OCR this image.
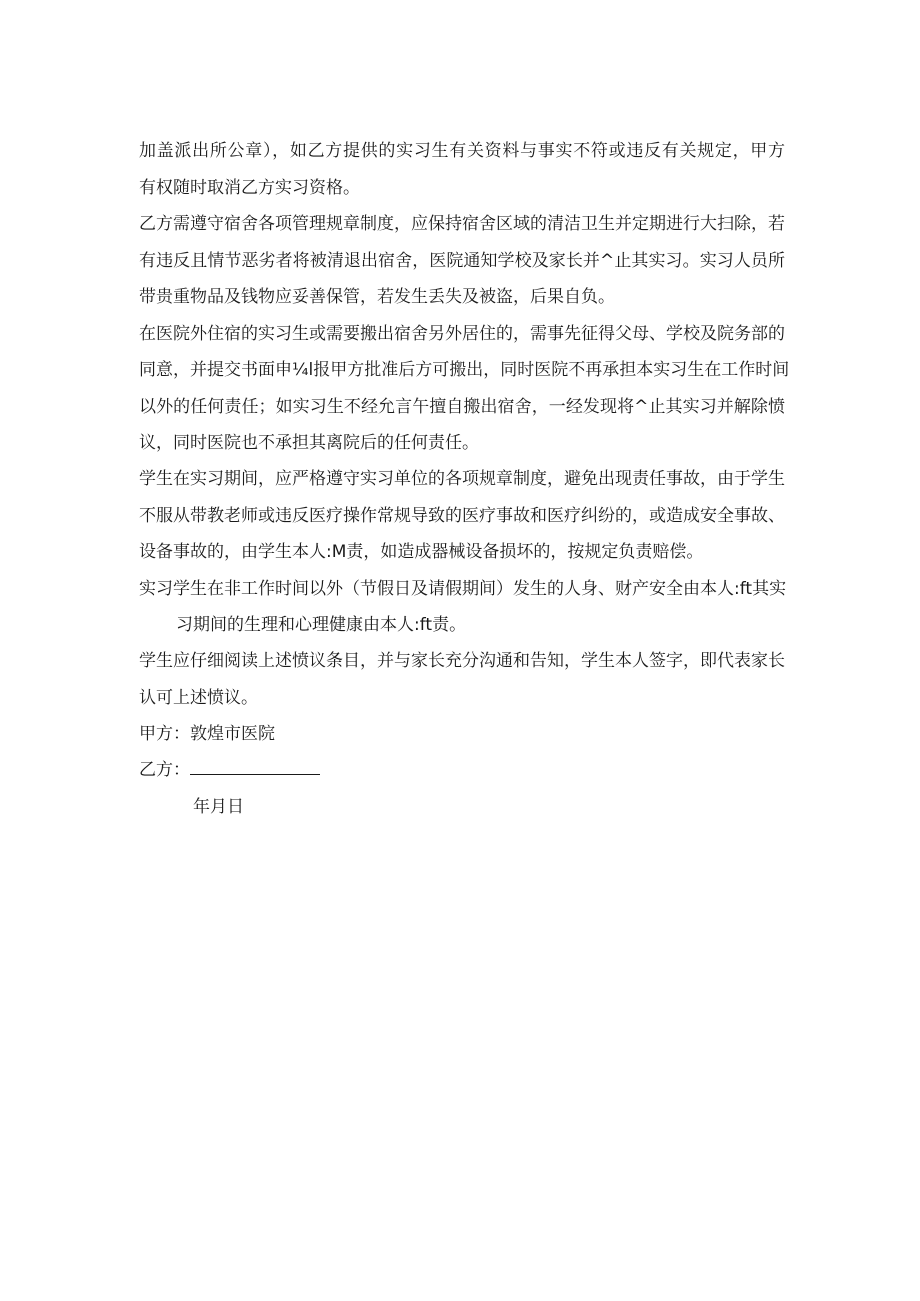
加盖派出所公章），如乙方提供的实习生有关资料与事实不符或违反有关规定，甲方
有权随时取消乙方实习资格。
乙方需遵守宿舍各项管理规章制度，应保持宿舍区域的清洁卫生并定期进行大扫除，若
有违反且情节恶劣者将被清退出宿舍，医院通知学校及家长并^止其实习。实习人员所
带贵重物品及钱物应妥善保管，若发生丢失及被盗，后果自负。
在医院外住宿的实习生或需要搬出宿舍另外居住的，需事先征得父母、学校及院务部的
同意，并提交书面申¼l报甲方批准后方可搬出，同时医院不再承担本实习生在工作时间
以外的任何责任；如实习生不经允言午擅自搬出宿舍，一经发现将^止其实习并解除愤
议，同时医院也不承担其离院后的任何责任。
学生在实习期间，应严格遵守实习单位的各项规章制度，避免出现责任事故，由于学生
不服从带教老师或违反医疗操作常规导致的医疗事故和医疗纠纷的，或造成安全事故、
设备事故的，由学生本人:M责，如造成器械设备损坏的，按规定负责赔偿。
实习学生在非工作时间以外（节假日及请假期间）发生的人身、财产安全由本人:ft其实
习期间的生理和心理健康由本人:ft责。
学生应仔细阅读上述愤议条目，并与家长充分沟通和告知，学生本人签字，即代表家长
认可上述愤议。
甲方：敦煌市医院
乙方：
年月日
